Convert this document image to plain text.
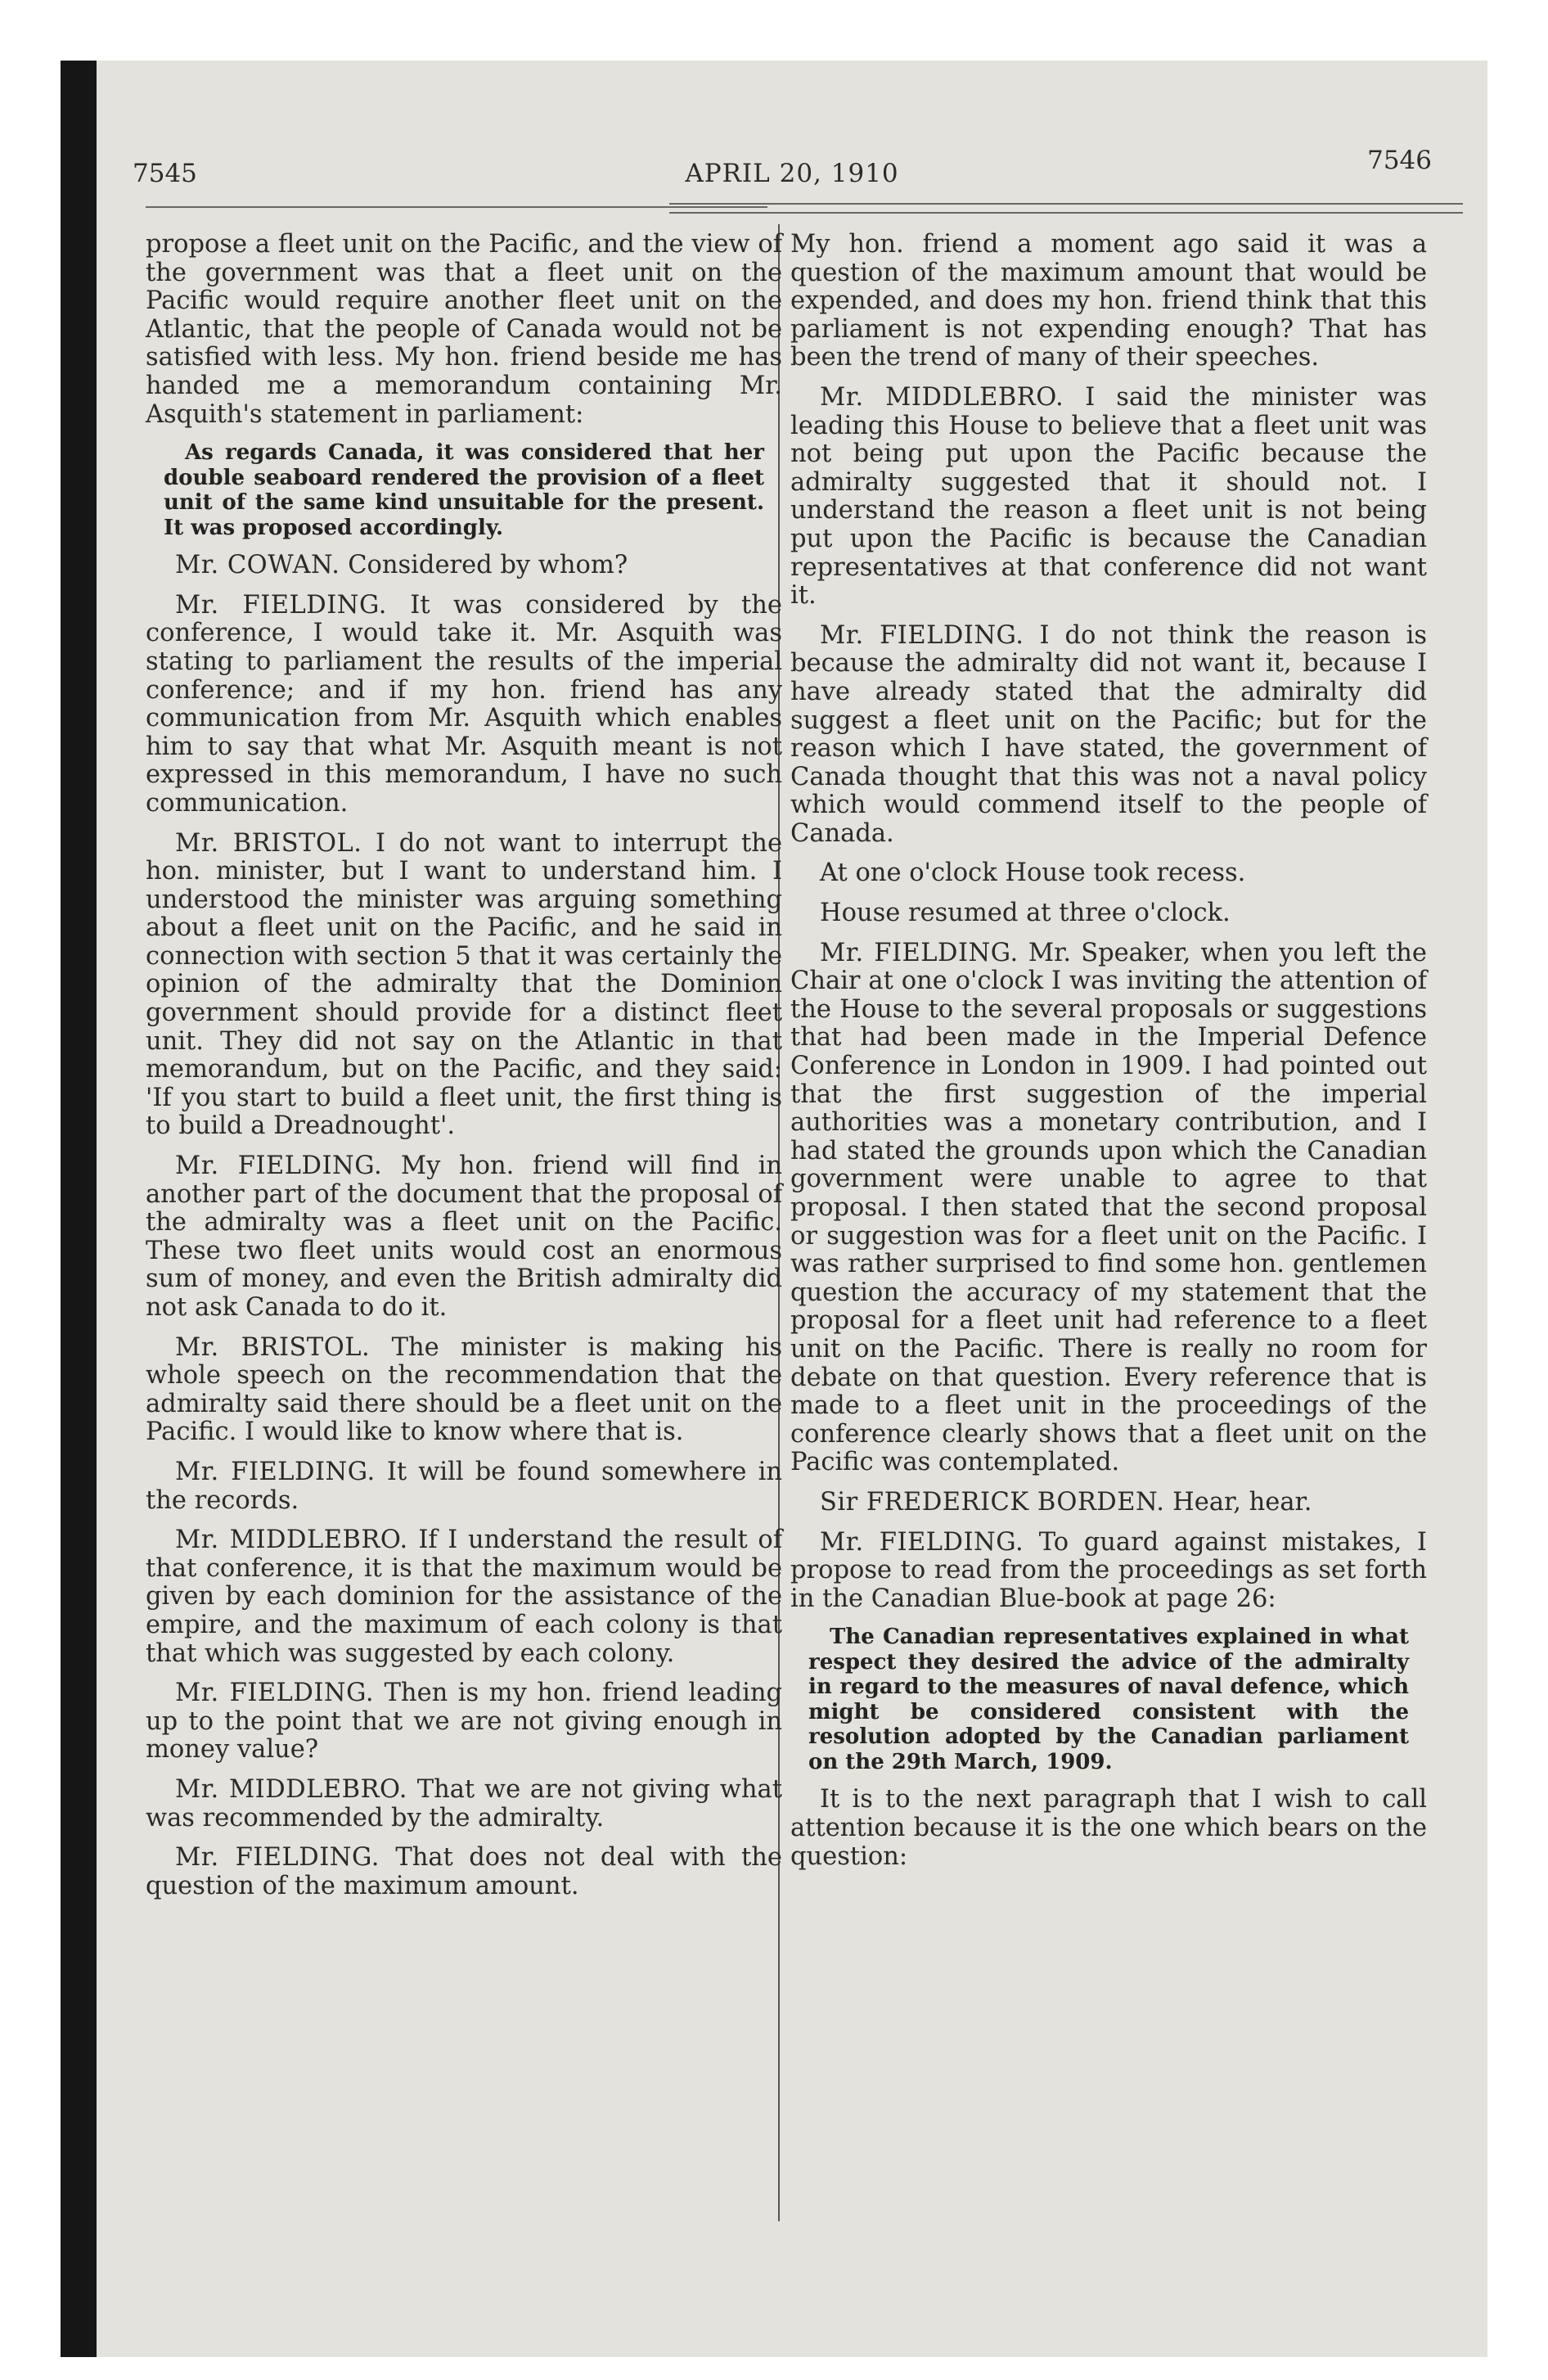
7545	APRIL 20, 1910	7546

propose a fleet unit on the Pacific, and the view of the government was that a fleet unit on the Pacific would require another fleet unit on the Atlantic, that the people of Canada would not be satisfied with less. My hon. friend beside me has handed me a memorandum containing Mr. Asquith's statement in parliament:

As regards Canada, it was considered that her double seaboard rendered the provision of a fleet unit of the same kind unsuitable for the present. It was proposed accordingly.

Mr. COWAN. Considered by whom?

Mr. FIELDING. It was considered by the conference, I would take it. Mr. Asquith was stating to parliament the results of the imperial conference; and if my hon. friend has any communication from Mr. Asquith which enables him to say that what Mr. Asquith meant is not expressed in this memorandum, I have no such communication.

Mr. BRISTOL. I do not want to interrupt the hon. minister, but I want to understand him. I understood the minister was arguing something about a fleet unit on the Pacific, and he said in connection with section 5 that it was certainly the opinion of the admiralty that the Dominion government should provide for a distinct fleet unit. They did not say on the Atlantic in that memorandum, but on the Pacific, and they said: 'If you start to build a fleet unit, the first thing is to build a Dreadnought'.

Mr. FIELDING. My hon. friend will find in another part of the document that the proposal of the admiralty was a fleet unit on the Pacific. These two fleet units would cost an enormous sum of money, and even the British admiralty did not ask Canada to do it.

Mr. BRISTOL. The minister is making his whole speech on the recommendation that the admiralty said there should be a fleet unit on the Pacific. I would like to know where that is.

Mr. FIELDING. It will be found somewhere in the records.

Mr. MIDDLEBRO. If I understand the result of that conference, it is that the maximum would be given by each dominion for the assistance of the empire, and the maximum of each colony is that that which was suggested by each colony.

Mr. FIELDING. Then is my hon. friend leading up to the point that we are not giving enough in money value?

Mr. MIDDLEBRO. That we are not giving what was recommended by the admiralty.

Mr. FIELDING. That does not deal with the question of the maximum amount.

My hon. friend a moment ago said it was a question of the maximum amount that would be expended, and does my hon. friend think that this parliament is not expending enough? That has been the trend of many of their speeches.

Mr. MIDDLEBRO. I said the minister was leading this House to believe that a fleet unit was not being put upon the Pacific because the admiralty suggested that it should not. I understand the reason a fleet unit is not being put upon the Pacific is because the Canadian representatives at that conference did not want it.

Mr. FIELDING. I do not think the reason is because the admiralty did not want it, because I have already stated that the admiralty did suggest a fleet unit on the Pacific; but for the reason which I have stated, the government of Canada thought that this was not a naval policy which would commend itself to the people of Canada.

At one o'clock House took recess.

House resumed at three o'clock.

Mr. FIELDING. Mr. Speaker, when you left the Chair at one o'clock I was inviting the attention of the House to the several proposals or suggestions that had been made in the Imperial Defence Conference in London in 1909. I had pointed out that the first suggestion of the imperial authorities was a monetary contribution, and I had stated the grounds upon which the Canadian government were unable to agree to that proposal. I then stated that the second proposal or suggestion was for a fleet unit on the Pacific. I was rather surprised to find some hon. gentlemen question the accuracy of my statement that the proposal for a fleet unit had reference to a fleet unit on the Pacific. There is really no room for debate on that question. Every reference that is made to a fleet unit in the proceedings of the conference clearly shows that a fleet unit on the Pacific was contemplated.

Sir FREDERICK BORDEN. Hear, hear.

Mr. FIELDING. To guard against mistakes, I propose to read from the proceedings as set forth in the Canadian Blue-book at page 26:

The Canadian representatives explained in what respect they desired the advice of the admiralty in regard to the measures of naval defence, which might be considered consistent with the resolution adopted by the Canadian parliament on the 29th March, 1909.

It is to the next paragraph that I wish to call attention because it is the one which bears on the question:
